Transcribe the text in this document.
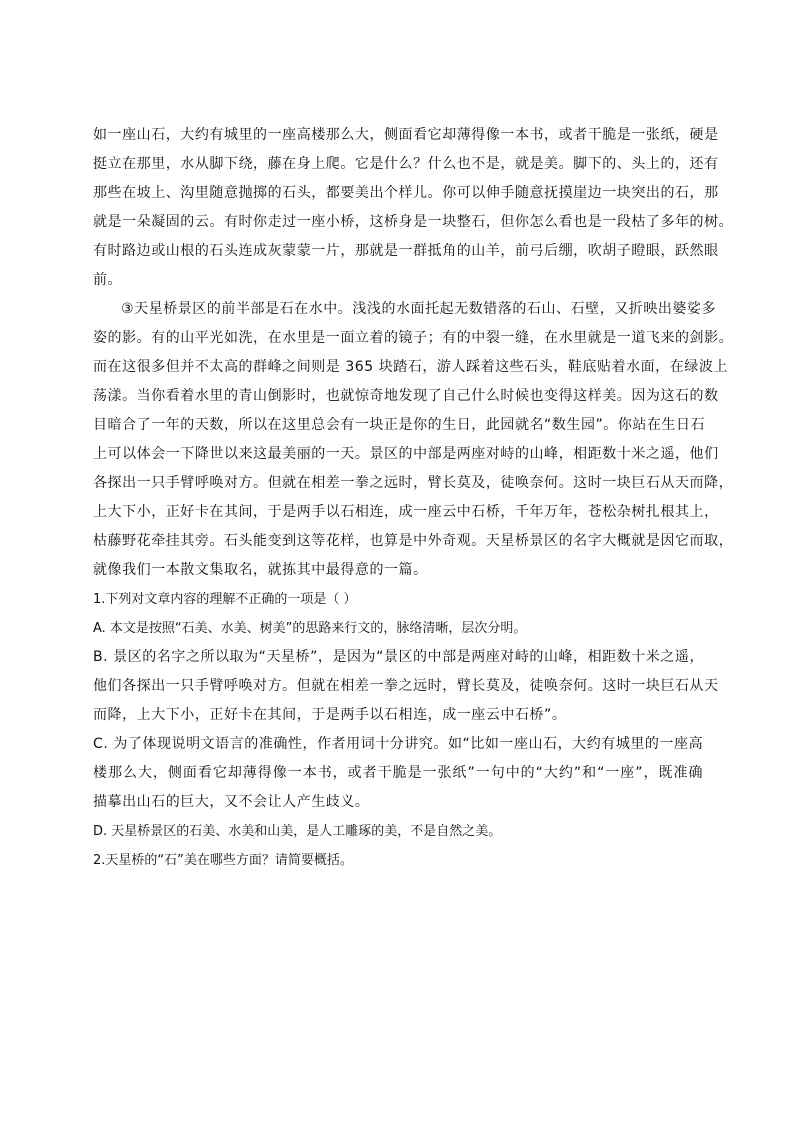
如一座山石，大约有城里的一座高楼那么大，侧面看它却薄得像一本书，或者干脆是一张纸，硬是
挺立在那里，水从脚下绕，藤在身上爬。它是什么？什么也不是，就是美。脚下的、头上的，还有
那些在坡上、沟里随意抛掷的石头，都要美出个样儿。你可以伸手随意抚摸崖边一块突出的石，那
就是一朵凝固的云。有时你走过一座小桥，这桥身是一块整石，但你怎么看也是一段枯了多年的树。
有时路边或山根的石头连成灰蒙蒙一片，那就是一群抵角的山羊，前弓后绷，吹胡子瞪眼，跃然眼
前。
③天星桥景区的前半部是石在水中。浅浅的水面托起无数错落的石山、石壁，又折映出婆娑多
姿的影。有的山平光如洗，在水里是一面立着的镜子；有的中裂一缝，在水里就是一道飞来的剑影。
而在这很多但并不太高的群峰之间则是 365 块踏石，游人踩着这些石头，鞋底贴着水面，在绿波上
荡漾。当你看着水里的青山倒影时，也就惊奇地发现了自己什么时候也变得这样美。因为这石的数
目暗合了一年的天数，所以在这里总会有一块正是你的生日，此园就名“数生园”。你站在生日石
上可以体会一下降世以来这最美丽的一天。景区的中部是两座对峙的山峰，相距数十米之遥，他们
各探出一只手臂呼唤对方。但就在相差一拳之远时，臂长莫及，徒唤奈何。这时一块巨石从天而降，
上大下小，正好卡在其间，于是两手以石相连，成一座云中石桥，千年万年，苍松杂树扎根其上，
枯藤野花牵挂其旁。石头能变到这等花样，也算是中外奇观。天星桥景区的名字大概就是因它而取，
就像我们一本散文集取名，就拣其中最得意的一篇。
1.下列对文章内容的理解不正确的一项是（ ）
A. 本文是按照“石美、水美、树美”的思路来行文的，脉络清晰，层次分明。
B. 景区的名字之所以取为“天星桥”，是因为“景区的中部是两座对峙的山峰，相距数十米之遥，
他们各探出一只手臂呼唤对方。但就在相差一拳之远时，臂长莫及，徒唤奈何。这时一块巨石从天
而降，上大下小，正好卡在其间，于是两手以石相连，成一座云中石桥”。
C. 为了体现说明文语言的准确性，作者用词十分讲究。如“比如一座山石，大约有城里的一座高
楼那么大，侧面看它却薄得像一本书，或者干脆是一张纸”一句中的“大约”和“一座”，既准确
描摹出山石的巨大，又不会让人产生歧义。
D. 天星桥景区的石美、水美和山美，是人工雕琢的美，不是自然之美。
2.天星桥的“石”美在哪些方面？请简要概括。
